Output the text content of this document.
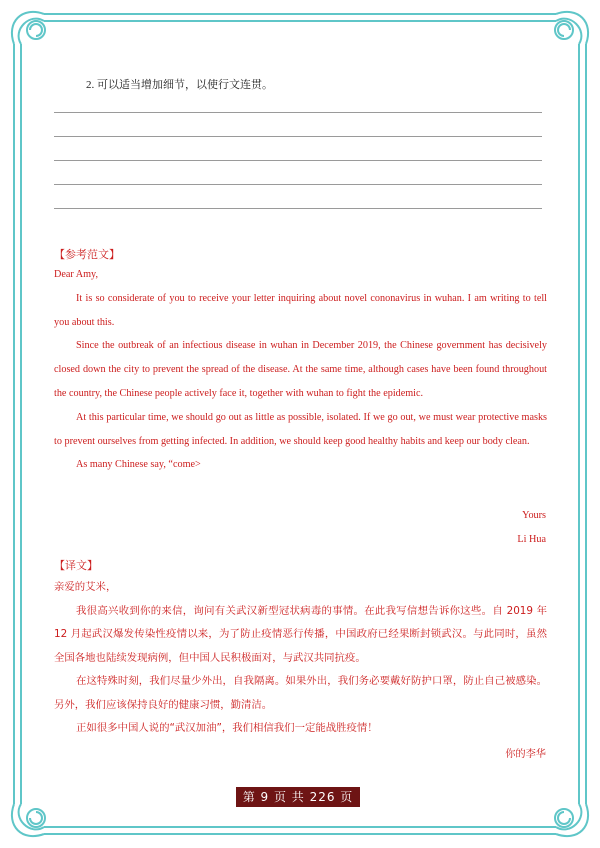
2. 可以适当增加细节，以使行文连贯。
【参考范文】

Dear Amy,

It is so considerate of you to receive your letter inquiring about novel cononavirus in wuhan. I am writing to tell you about this.

Since the outbreak of an infectious disease in wuhan in December 2019, the Chinese government has decisively closed down the city to prevent the spread of the disease. At the same time, although cases have been found throughout the country, the Chinese people actively face it, together with wuhan to fight the epidemic.

At this particular time, we should go out as little as possible, isolated. If we go out, we must wear protective masks to prevent ourselves from getting infected. In addition, we should keep good healthy habits and keep our body clean.

As many Chinese say, “come>

Yours
Li Hua
【译文】

亲爱的艾米，

我很高兴收到你的来信，询问有关武汉新型冠状病毒的事情。在此我写信想告诉你这些。自 2019 年 12 月起武汉爆发传染性疫情以来，为了防止疫情恶行传播，中国政府已经果断封锁武汉。与此同时，虽然全国各地也陆续发现病例，但中国人民积极面对，与武汉共同抗疫。

在这特殊时刻，我们尽量少外出，自我隔离。如果外出，我们务必要戴好防护口罩，防止自己被感染。另外，我们应该保持良好的健康习惯，勤清洁。

正如很多中国人说的“武汉加油”，我们相信我们一定能战胜疫情！

你的李华
第 9 页 共 226 页
